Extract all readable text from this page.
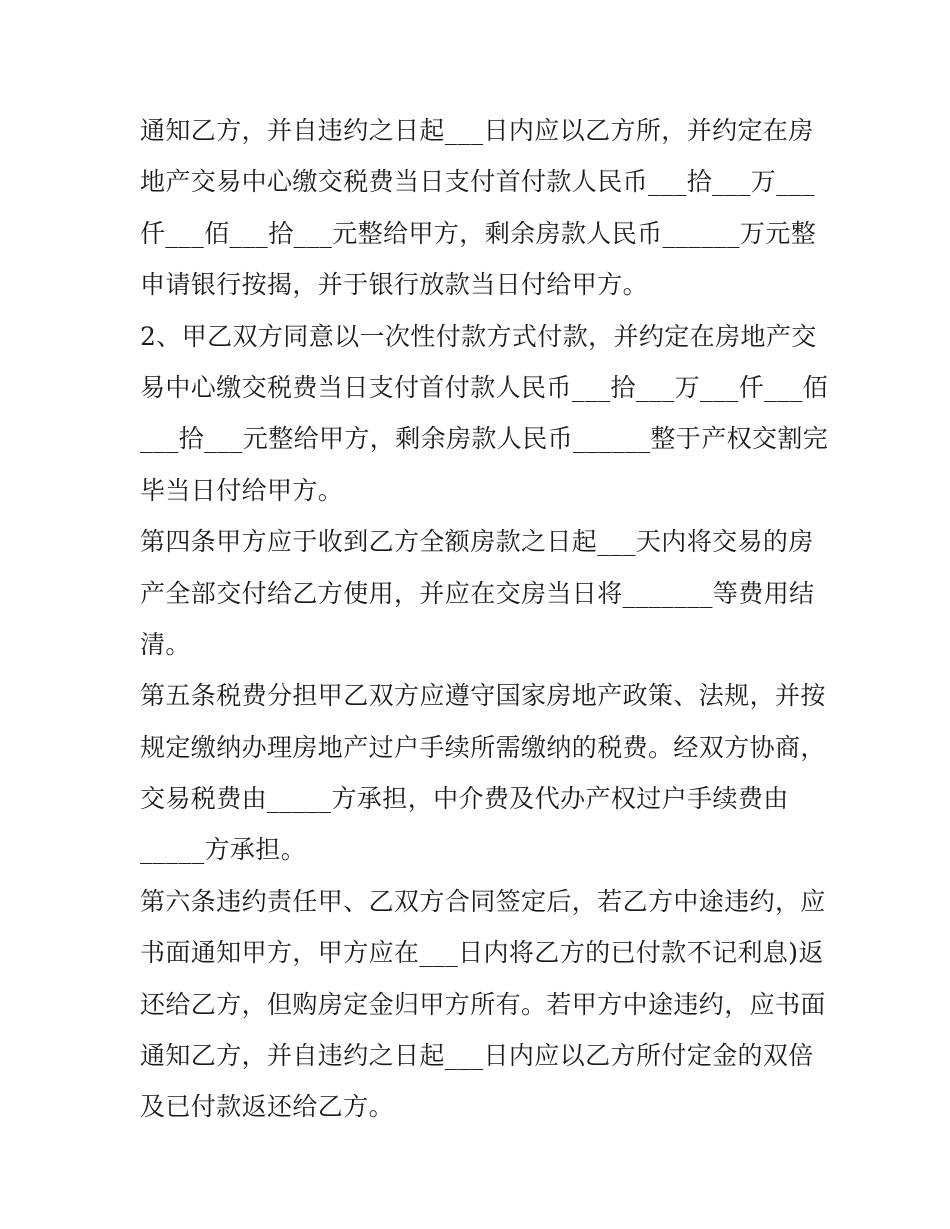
通知乙方，并自违约之日起___日内应以乙方所，并约定在房
地产交易中心缴交税费当日支付首付款人民币___拾___万___
仟___佰___拾___元整给甲方，剩余房款人民币______万元整
申请银行按揭，并于银行放款当日付给甲方。
2、甲乙双方同意以一次性付款方式付款，并约定在房地产交
易中心缴交税费当日支付首付款人民币___拾___万___仟___佰
___拾___元整给甲方，剩余房款人民币______整于产权交割完
毕当日付给甲方。
第四条甲方应于收到乙方全额房款之日起___天内将交易的房
产全部交付给乙方使用，并应在交房当日将_______等费用结
清。
第五条税费分担甲乙双方应遵守国家房地产政策、法规，并按
规定缴纳办理房地产过户手续所需缴纳的税费。经双方协商，
交易税费由_____方承担，中介费及代办产权过户手续费由
_____方承担。
第六条违约责任甲、乙双方合同签定后，若乙方中途违约，应
书面通知甲方，甲方应在___日内将乙方的已付款不记利息)返
还给乙方，但购房定金归甲方所有。若甲方中途违约，应书面
通知乙方，并自违约之日起___日内应以乙方所付定金的双倍
及已付款返还给乙方。
